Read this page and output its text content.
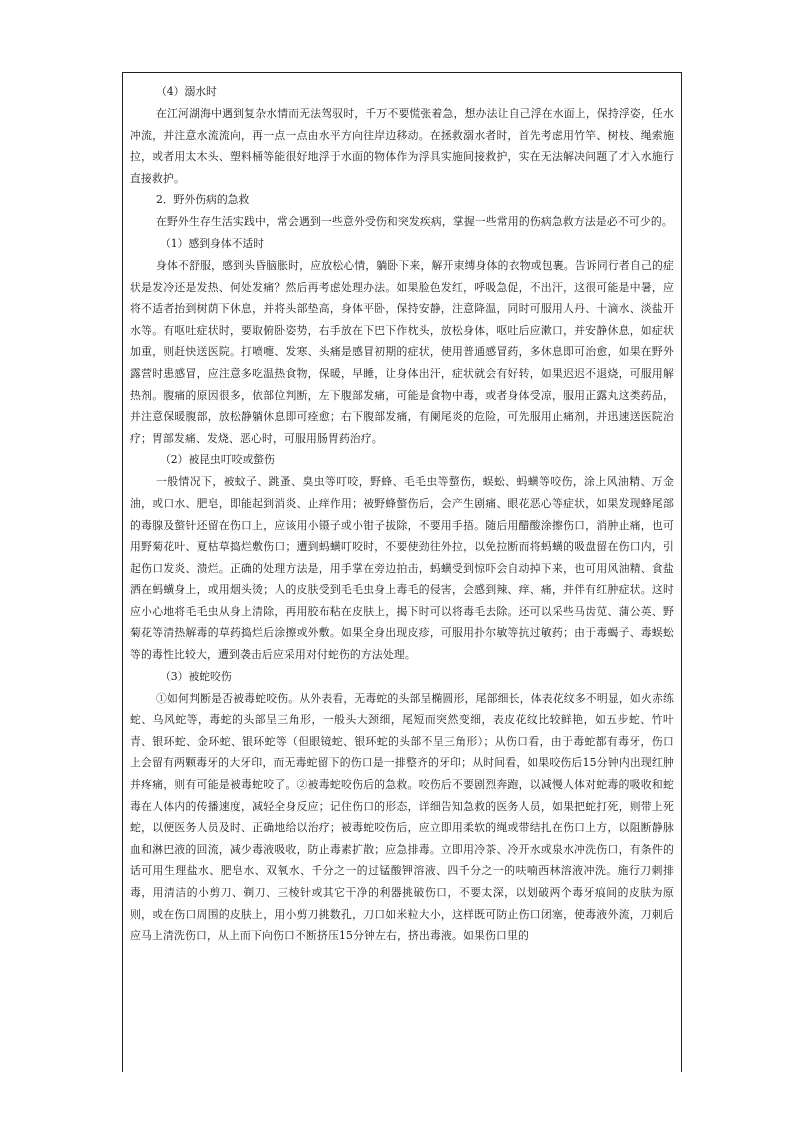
（4）溺水时

在江河湖海中遇到复杂水情而无法驾驭时，千万不要慌张着急，想办法让自己浮在水面上，保持浮姿，任水冲流，并注意水流流向，再一点一点由水平方向往岸边移动。在拯救溺水者时，首先考虑用竹竿、树枝、绳索施拉，或者用太木头、塑料桶等能很好地浮于水面的物体作为浮具实施间接救护，实在无法解决问题了才入水施行直接救护。

2．野外伤病的急救

在野外生存生活实践中，常会遇到一些意外受伤和突发疾病，掌握一些常用的伤病急救方法是必不可少的。

（1）感到身体不适时

身体不舒服，感到头昏脑胀时，应放松心情，躺卧下来，解开束缚身体的衣物或包裹。告诉同行者自己的症状是发冷还是发热、何处发痛？然后再考虑处理办法。如果脸色发红，呼吸急促，不出汗，这很可能是中暑，应将不适者抬到树荫下休息，并将头部垫高，身体平卧，保持安静，注意降温，同时可服用人丹、十滴水、淡盐开水等。有呕吐症状时，要取俯卧姿势，右手放在下巴下作枕头，放松身体，呕吐后应漱口，并安静休息，如症状加重，则赶快送医院。打喷嚏、发寒、头痛是感冒初期的症状，使用普通感冒药，多休息即可治愈，如果在野外露营时患感冒，应注意多吃温热食物，保暖，早睡，让身体出汗，症状就会有好转，如果迟迟不退烧，可服用解热剂。腹痛的原因很多，依部位判断，左下腹部发痛，可能是食物中毒，或者身体受凉，服用正露丸这类药品，并注意保暖腹部，放松静躺休息即可痊愈；右下腹部发痛，有阑尾炎的危险，可先服用止痛剂，并迅速送医院治疗；胃部发痛、发烧、恶心时，可服用肠胃药治疗。

（2）被昆虫叮咬或螫伤

一般情况下，被蚊子、跳蚤、臭虫等叮咬，野蜂、毛毛虫等螫伤，蜈蚣、蚂蟥等咬伤，涂上风油精、万金油，或口水、肥皂，即能起到消炎、止痒作用；被野蜂螫伤后，会产生剧痛、眼花恶心等症状，如果发现蜂尾部的毒腺及螫针还留在伤口上，应该用小镊子或小钳子拔除，不要用手捂。随后用醋酸涂擦伤口，消肿止痛，也可用野菊花叶、夏枯草捣烂敷伤口；遭到蚂蟥叮咬时，不要使劲往外拉，以免拉断而将蚂蟥的吸盘留在伤口内，引起伤口发炎、溃烂。正确的处理方法是，用手掌在旁边拍击，蚂蟥受到惊吓会自动掉下来，也可用风油精、食盐洒在蚂蟥身上，或用烟头烫；人的皮肤受到毛毛虫身上毒毛的侵害，会感到辣、痒、痛，并伴有红肿症状。这时应小心地将毛毛虫从身上清除，再用胶布粘在皮肤上，揭下时可以将毒毛去除。还可以采些马齿苋、蒲公英、野菊花等清热解毒的草药捣烂后涂擦或外敷。如果全身出现皮疹，可服用扑尔敏等抗过敏药；由于毒蝎子、毒蜈蚣等的毒性比较大，遭到袭击后应采用对付蛇伤的方法处理。

（3）被蛇咬伤

①如何判断是否被毒蛇咬伤。从外表看，无毒蛇的头部呈椭圆形，尾部细长，体表花纹多不明显，如火赤练蛇、乌风蛇等，毒蛇的头部呈三角形，一般头大颈细，尾短而突然变细，表皮花纹比较鲜艳，如五步蛇、竹叶青、银环蛇、金环蛇、银环蛇等（但眼镜蛇、银环蛇的头部不呈三角形）；从伤口看，由于毒蛇都有毒牙，伤口上会留有两颗毒牙的大牙印，而无毒蛇留下的伤口是一排整齐的牙印；从时间看，如果咬伤后15分钟内出现红肿并疼痛，则有可能是被毒蛇咬了。②被毒蛇咬伤后的急救。咬伤后不要剧烈奔跑，以减慢人体对蛇毒的吸收和蛇毒在人体内的传播速度，减轻全身反应；记住伤口的形态，详细告知急救的医务人员，如果把蛇打死，则带上死蛇，以便医务人员及时、正确地给以治疗；被毒蛇咬伤后，应立即用柔软的绳或带结扎在伤口上方，以阻断静脉血和淋巴液的回流，减少毒液吸收，防止毒素扩散；应急排毒。立即用冷茶、冷开水或泉水冲洗伤口，有条件的话可用生理盐水、肥皂水、双氧水、千分之一的过锰酸钾溶液、四千分之一的呋喃西林溶液冲洗。施行刀刺排毒，用清洁的小剪刀、剃刀、三棱针或其它干净的利器挑破伤口，不要太深，以划破两个毒牙痕间的皮肤为原则，或在伤口周围的皮肤上，用小剪刀挑数孔，刀口如米粒大小，这样既可防止伤口闭塞，使毒液外流，刀刺后应马上清洗伤口，从上而下向伤口不断挤压15分钟左右，挤出毒液。如果伤口里的
